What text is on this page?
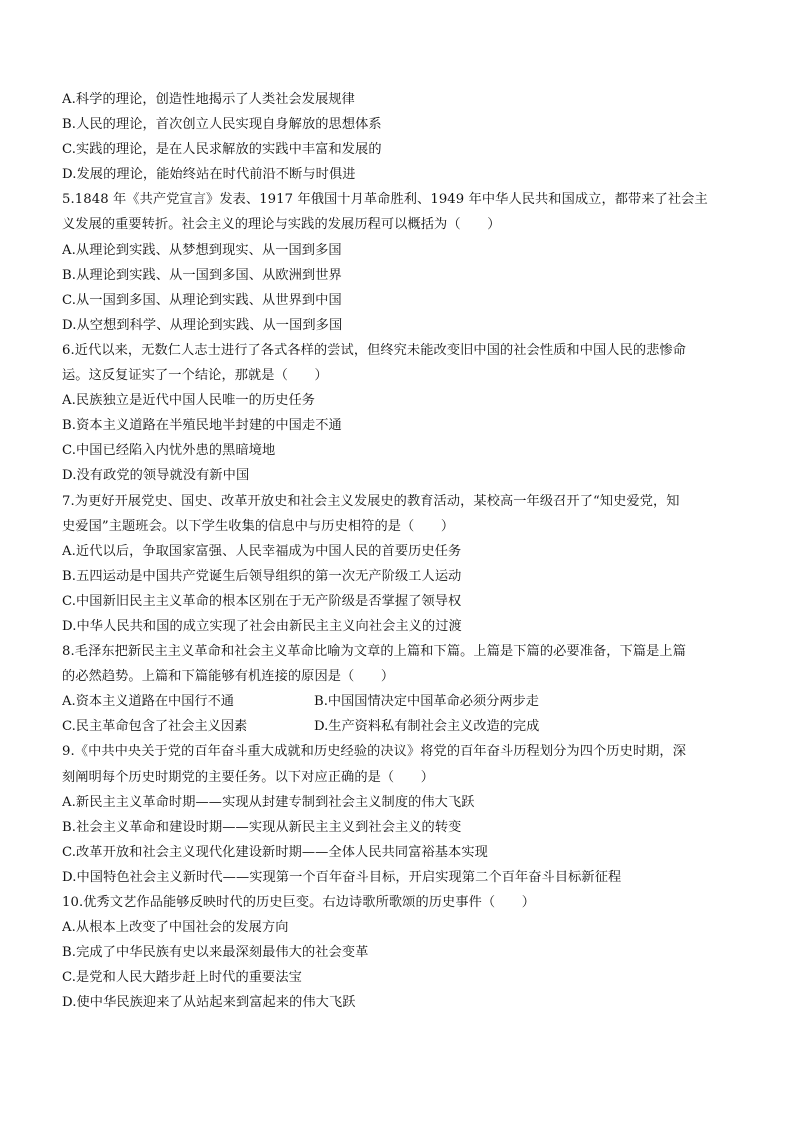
A.科学的理论，创造性地揭示了人类社会发展规律
B.人民的理论，首次创立人民实现自身解放的思想体系
C.实践的理论，是在人民求解放的实践中丰富和发展的
D.发展的理论，能始终站在时代前沿不断与时俱进
5.1848 年《共产党宣言》发表、1917 年俄国十月革命胜利、1949 年中华人民共和国成立，都带来了社会主
义发展的重要转折。社会主义的理论与实践的发展历程可以概括为（　　）
A.从理论到实践、从梦想到现实、从一国到多国
B.从理论到实践、从一国到多国、从欧洲到世界
C.从一国到多国、从理论到实践、从世界到中国
D.从空想到科学、从理论到实践、从一国到多国
6.近代以来，无数仁人志士进行了各式各样的尝试，但终究未能改变旧中国的社会性质和中国人民的悲惨命
运。这反复证实了一个结论，那就是（　　）
A.民族独立是近代中国人民唯一的历史任务
B.资本主义道路在半殖民地半封建的中国走不通
C.中国已经陷入内忧外患的黑暗境地
D.没有政党的领导就没有新中国
7.为更好开展党史、国史、改革开放史和社会主义发展史的教育活动，某校高一年级召开了“知史爱党，知
史爱国”主题班会。以下学生收集的信息中与历史相符的是（　　）
A.近代以后，争取国家富强、人民幸福成为中国人民的首要历史任务
B.五四运动是中国共产党诞生后领导组织的第一次无产阶级工人运动
C.中国新旧民主主义革命的根本区别在于无产阶级是否掌握了领导权
D.中华人民共和国的成立实现了社会由新民主主义向社会主义的过渡
8.毛泽东把新民主主义革命和社会主义革命比喻为文章的上篇和下篇。上篇是下篇的必要准备，下篇是上篇
的必然趋势。上篇和下篇能够有机连接的原因是（　　）
A.资本主义道路在中国行不通	B.中国国情决定中国革命必须分两步走
C.民主革命包含了社会主义因素	D.生产资料私有制社会主义改造的完成
9.《中共中央关于党的百年奋斗重大成就和历史经验的决议》将党的百年奋斗历程划分为四个历史时期，深
刻阐明每个历史时期党的主要任务。以下对应正确的是（　　）
A.新民主主义革命时期——实现从封建专制到社会主义制度的伟大飞跃
B.社会主义革命和建设时期——实现从新民主主义到社会主义的转变
C.改革开放和社会主义现代化建设新时期——全体人民共同富裕基本实现
D.中国特色社会主义新时代——实现第一个百年奋斗目标，开启实现第二个百年奋斗目标新征程
10.优秀文艺作品能够反映时代的历史巨变。右边诗歌所歌颂的历史事件（　　）
A.从根本上改变了中国社会的发展方向
B.完成了中华民族有史以来最深刻最伟大的社会变革
C.是党和人民大踏步赶上时代的重要法宝
D.使中华民族迎来了从站起来到富起来的伟大飞跃
